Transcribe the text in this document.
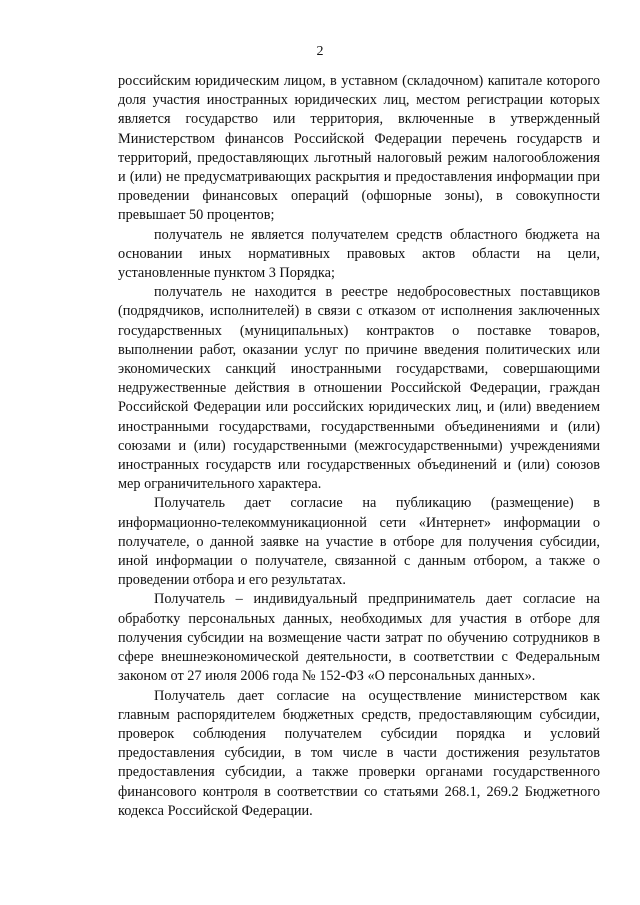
2

российским юридическим лицом, в уставном (складочном) капитале которого доля участия иностранных юридических лиц, местом регистрации которых является государство или территория, включенные в утвержденный Министерством финансов Российской Федерации перечень государств и территорий, предоставляющих льготный налоговый режим налогообложения и (или) не предусматривающих раскрытия и предоставления информации при проведении финансовых операций (офшорные зоны), в совокупности превышает 50 процентов;

получатель не является получателем средств областного бюджета на основании иных нормативных правовых актов области на цели, установленные пунктом 3 Порядка;

получатель не находится в реестре недобросовестных поставщиков (подрядчиков, исполнителей) в связи с отказом от исполнения заключенных государственных (муниципальных) контрактов о поставке товаров, выполнении работ, оказании услуг по причине введения политических или экономических санкций иностранными государствами, совершающими недружественные действия в отношении Российской Федерации, граждан Российской Федерации или российских юридических лиц, и (или) введением иностранными государствами, государственными объединениями и (или) союзами и (или) государственными (межгосударственными) учреждениями иностранных государств или государственных объединений и (или) союзов мер ограничительного характера.

Получатель дает согласие на публикацию (размещение) в информационно-телекоммуникационной сети «Интернет» информации о получателе, о данной заявке на участие в отборе для получения субсидии, иной информации о получателе, связанной с данным отбором, а также о проведении отбора и его результатах.

Получатель – индивидуальный предприниматель дает согласие на обработку персональных данных, необходимых для участия в отборе для получения субсидии на возмещение части затрат по обучению сотрудников в сфере внешнеэкономической деятельности, в соответствии с Федеральным законом от 27 июля 2006 года № 152-ФЗ «О персональных данных».

Получатель дает согласие на осуществление министерством как главным распорядителем бюджетных средств, предоставляющим субсидии, проверок соблюдения получателем субсидии порядка и условий предоставления субсидии, в том числе в части достижения результатов предоставления субсидии, а также проверки органами государственного финансового контроля в соответствии со статьями 268.1, 269.2 Бюджетного кодекса Российской Федерации.
